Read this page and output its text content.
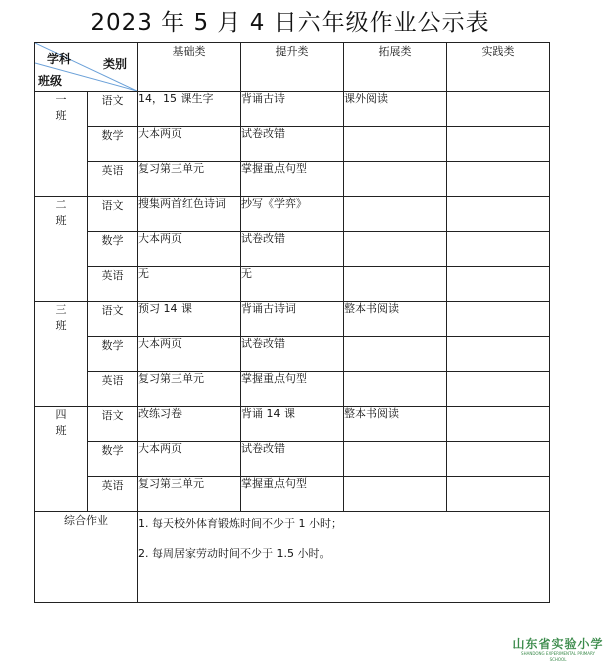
2023 年 5 月 4 日六年级作业公示表
学科 类别
班级		基础类	提升类	拓展类	实践类
一
班	语文	14，15 课生字	背诵古诗	课外阅读	
	数学	大本两页	试卷改错		
	英语	复习第三单元	掌握重点句型		
二
班	语文	搜集两首红色诗词	抄写《学弈》		
	数学	大本两页	试卷改错		
	英语	无	无		
三
班	语文	预习 14 课	背诵古诗词	整本书阅读	
	数学	大本两页	试卷改错		
	英语	复习第三单元	掌握重点句型		
四
班	语文	改练习卷	背诵 14 课	整本书阅读	
	数学	大本两页	试卷改错		
	英语	复习第三单元	掌握重点句型		
综合作业		1. 每天校外体育锻炼时间不少于 1 小时；

2. 每周居家劳动时间不少于 1.5 小时。			

山东省实验小学
SHANDONG EXPERIMENTAL PRIMARY SCHOOL
